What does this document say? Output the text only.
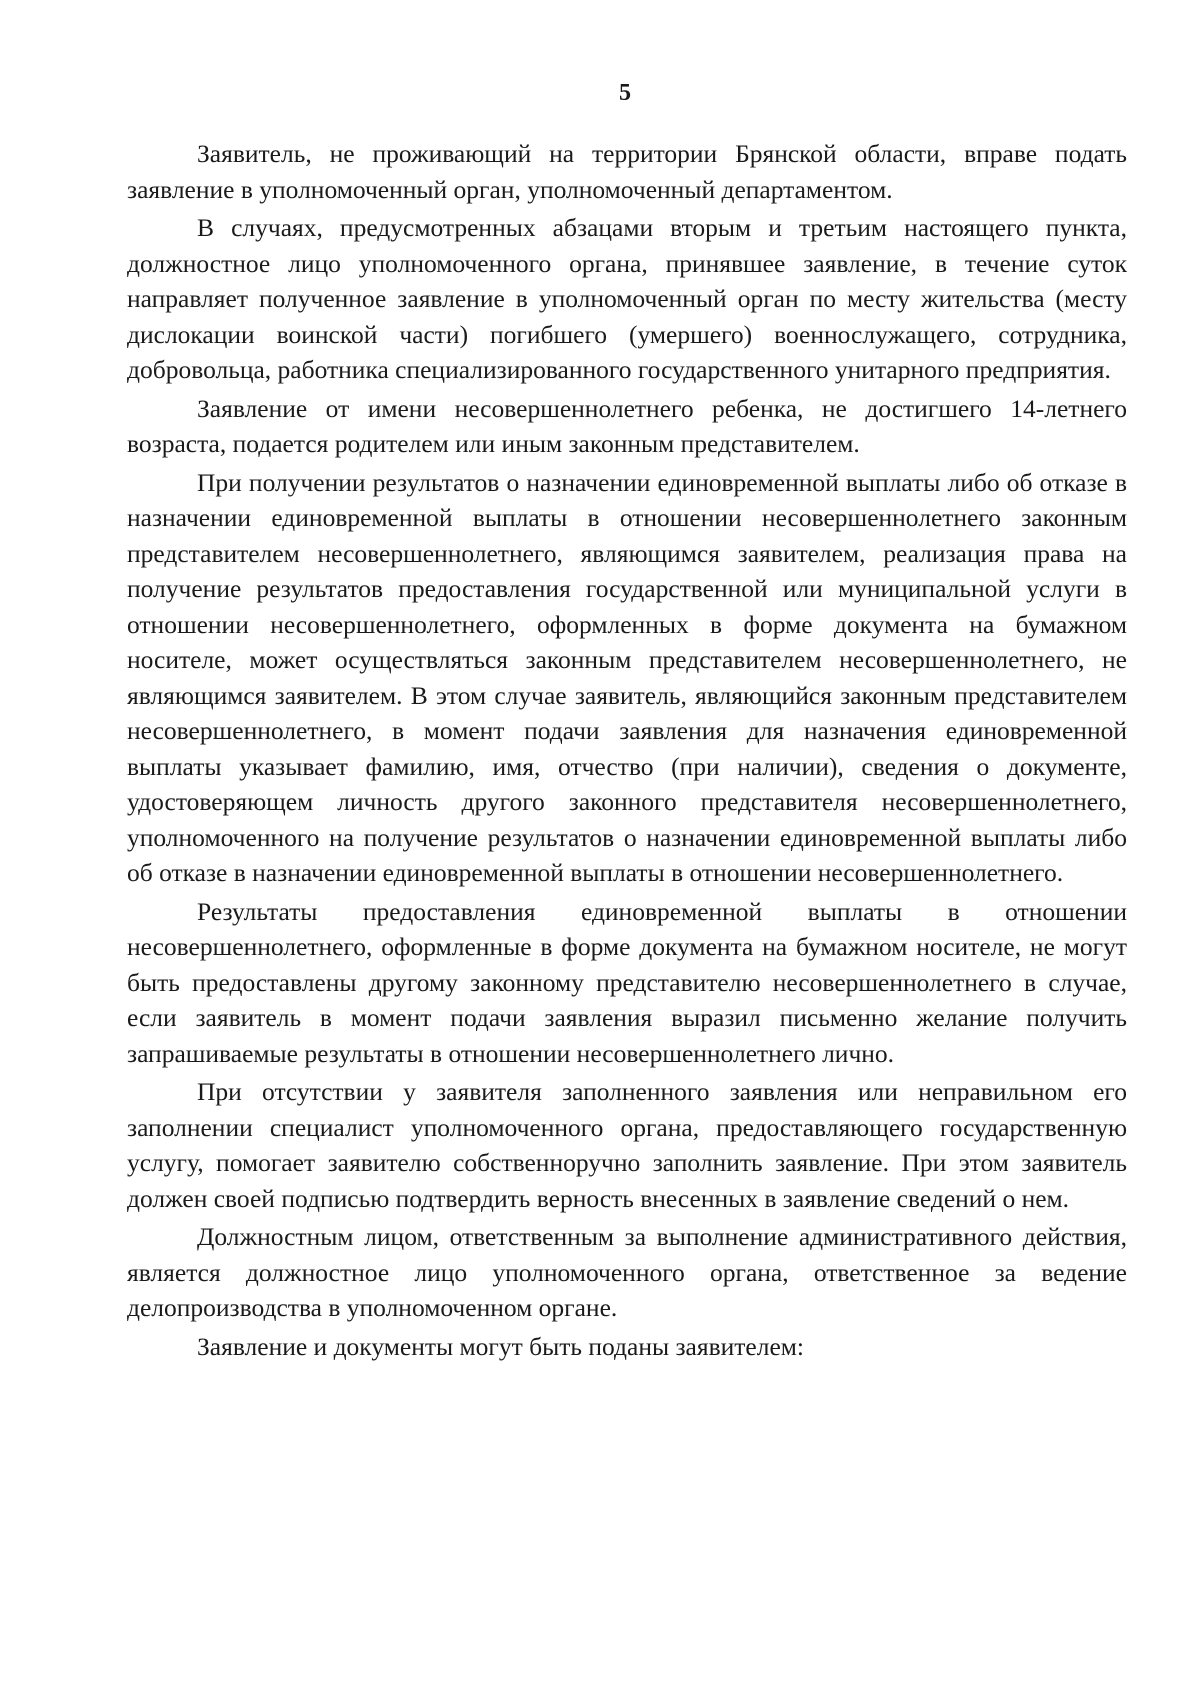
5

Заявитель, не проживающий на территории Брянской области, вправе подать заявление в уполномоченный орган, уполномоченный департаментом.

В случаях, предусмотренных абзацами вторым и третьим настоящего пункта, должностное лицо уполномоченного органа, принявшее заявление, в течение суток направляет полученное заявление в уполномоченный орган по месту жительства (месту дислокации воинской части) погибшего (умершего) военнослужащего, сотрудника, добровольца, работника специализированного государственного унитарного предприятия.

Заявление от имени несовершеннолетнего ребенка, не достигшего 14-летнего возраста, подается родителем или иным законным представителем.

При получении результатов о назначении единовременной выплаты либо об отказе в назначении единовременной выплаты в отношении несовершеннолетнего законным представителем несовершеннолетнего, являющимся заявителем, реализация права на получение результатов предоставления государственной или муниципальной услуги в отношении несовершеннолетнего, оформленных в форме документа на бумажном носителе, может осуществляться законным представителем несовершеннолетнего, не являющимся заявителем. В этом случае заявитель, являющийся законным представителем несовершеннолетнего, в момент подачи заявления для назначения единовременной выплаты указывает фамилию, имя, отчество (при наличии), сведения о документе, удостоверяющем личность другого законного представителя несовершеннолетнего, уполномоченного на получение результатов о назначении единовременной выплаты либо об отказе в назначении единовременной выплаты в отношении несовершеннолетнего.

Результаты предоставления единовременной выплаты в отношении несовершеннолетнего, оформленные в форме документа на бумажном носителе, не могут быть предоставлены другому законному представителю несовершеннолетнего в случае, если заявитель в момент подачи заявления выразил письменно желание получить запрашиваемые результаты в отношении несовершеннолетнего лично.

При отсутствии у заявителя заполненного заявления или неправильном его заполнении специалист уполномоченного органа, предоставляющего государственную услугу, помогает заявителю собственноручно заполнить заявление. При этом заявитель должен своей подписью подтвердить верность внесенных в заявление сведений о нем.

Должностным лицом, ответственным за выполнение административного действия, является должностное лицо уполномоченного органа, ответственное за ведение делопроизводства в уполномоченном органе.

Заявление и документы могут быть поданы заявителем:
